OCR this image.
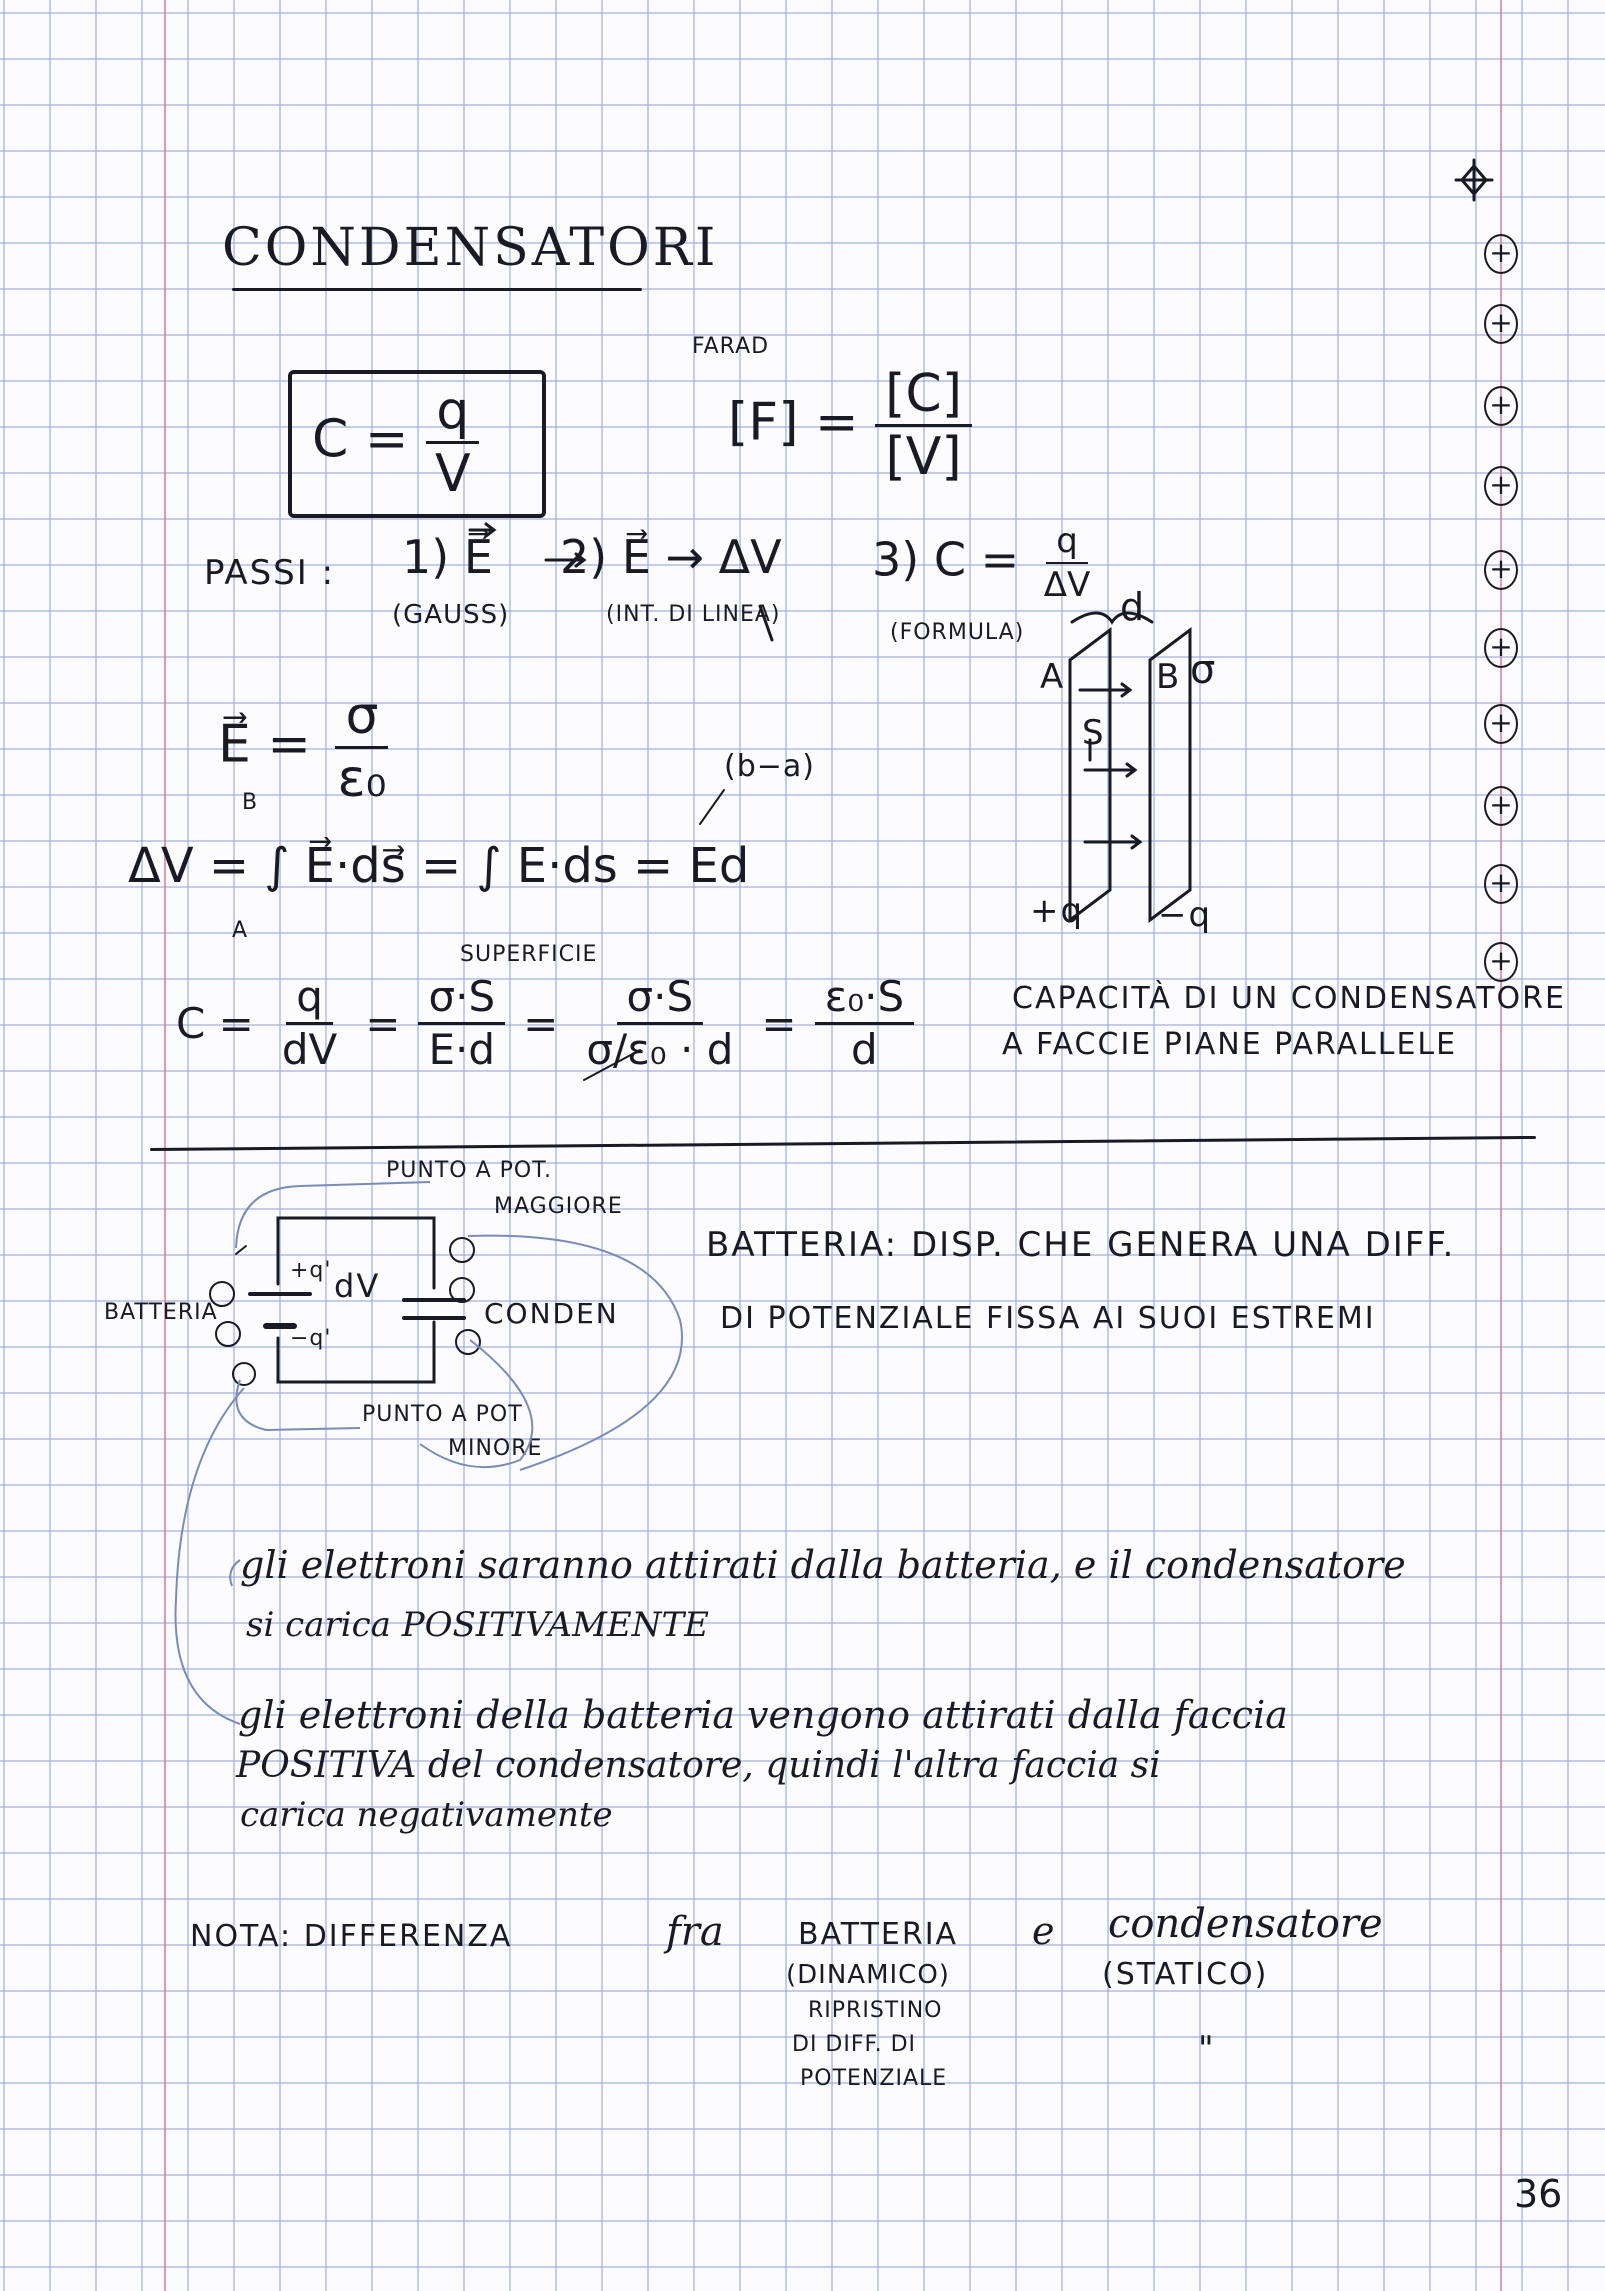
CONDENSATORI
$C = \frac{q}{V}$
FARAD
$[F] = \frac{[C]}{[V]}$
PASSI : 1) E⃗
(GAUSS)
2) E⃗ → ΔV
(INT. DI LINEA)
3) $C = \frac{q}{\Delta V}$
(FORMULA)
E⃗ = $\frac{\sigma}{\text{ε₀}}$
B
ΔV = ∫ E⃗·ds⃗ = ∫ E·ds = Ed
A
(b−a)
d
A	B σ
S
+q −q
SUPERFICIE
$C = \frac{q}{dV} = \frac{\sigma\cdot S}{E\cdot d} = \frac{\sigma\cdot S}{\text{σ/ε₀ · d}} = \frac{\text{ε₀·S}}{d}$	CAPACITÀ DI UN CONDENSATORE
A FACCIE PIANE PARALLELE
PUNTO A POT.
MAGGIORE
BATTERIA	CONDEN
+q'
−q'
dV
PUNTO A POT
MINORE
BATTERIA: DISP. CHE GENERA UNA DIFF.
DI POTENZIALE FISSA AI SUOI ESTREMI
gli elettroni saranno attirati dalla batteria, e il condensatore
si carica POSITIVAMENTE
gli elettroni della batteria vengono attirati dalla faccia
POSITIVA del condensatore, quindi l'altra faccia si
carica negativamente
NOTA: DIFFERENZA	fra BATTERIA e condensatore
(DINAMICO)	(STATICO)
RIPRISTINO
DI DIFF. DI
POTENZIALE
"
36
+
+
+
+
+
+
+
+
+
+
